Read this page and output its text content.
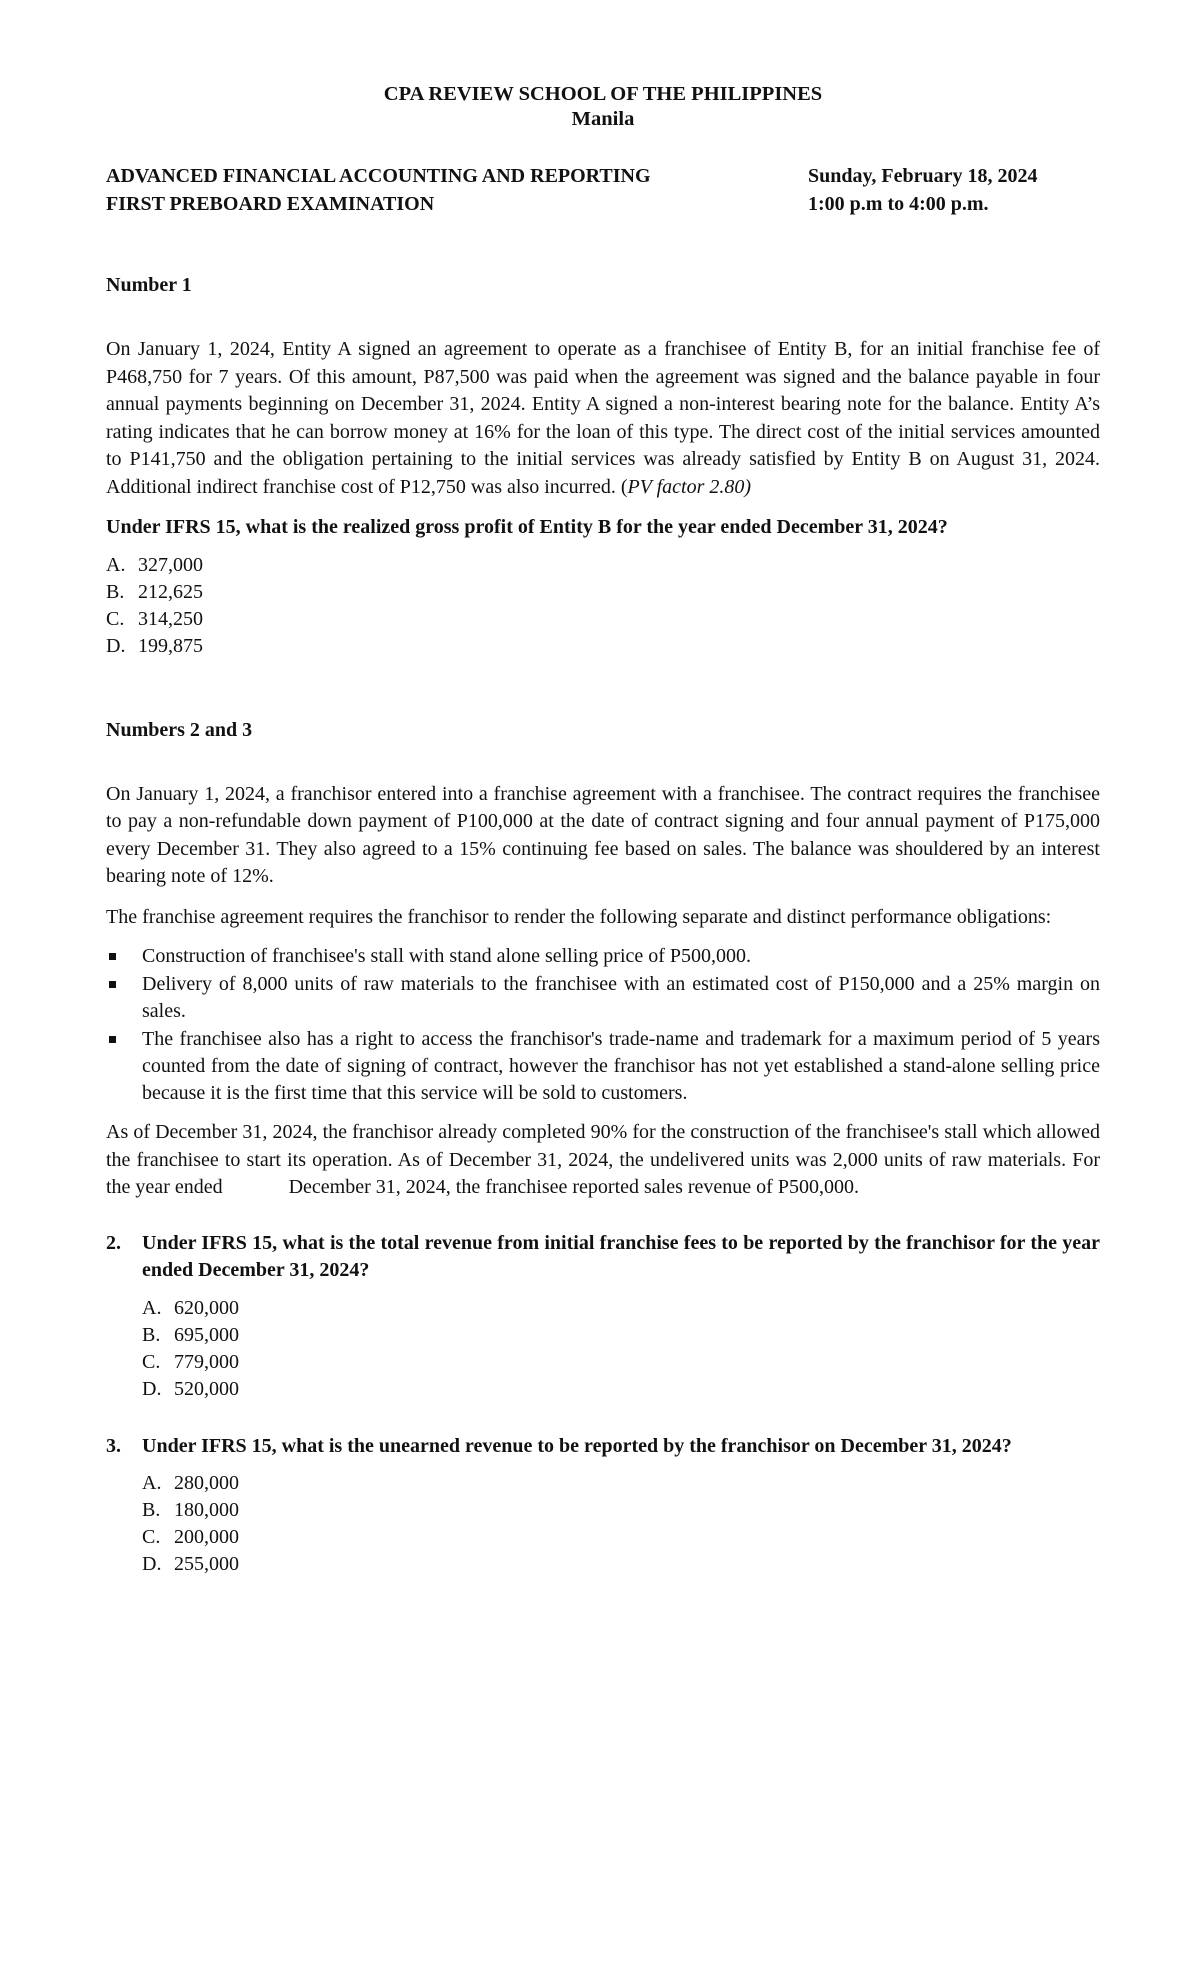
CPA REVIEW SCHOOL OF THE PHILIPPINES
Manila
ADVANCED FINANCIAL ACCOUNTING AND REPORTING
FIRST PREBOARD EXAMINATION
Sunday, February 18, 2024
1:00 p.m to 4:00 p.m.
Number 1

On January 1, 2024, Entity A signed an agreement to operate as a franchisee of Entity B, for an initial franchise fee of P468,750 for 7 years. Of this amount, P87,500 was paid when the agreement was signed and the balance payable in four annual payments beginning on December 31, 2024. Entity A signed a non-interest bearing note for the balance. Entity A’s rating indicates that he can borrow money at 16% for the loan of this type. The direct cost of the initial services amounted to P141,750 and the obligation pertaining to the initial services was already satisfied by Entity B on August 31, 2024. Additional indirect franchise cost of P12,750 was also incurred. (PV factor 2.80)

Under IFRS 15, what is the realized gross profit of Entity B for the year ended December 31, 2024?
A. 327,000
B. 212,625
C. 314,250
D. 199,875
Numbers 2 and 3

On January 1, 2024, a franchisor entered into a franchise agreement with a franchisee. The contract requires the franchisee to pay a non-refundable down payment of P100,000 at the date of contract signing and four annual payment of P175,000 every December 31. They also agreed to a 15% continuing fee based on sales. The balance was shouldered by an interest bearing note of 12%.

The franchise agreement requires the franchisor to render the following separate and distinct performance obligations:

Construction of franchisee's stall with stand alone selling price of P500,000.
Delivery of 8,000 units of raw materials to the franchisee with an estimated cost of P150,000 and a 25% margin on sales.
The franchisee also has a right to access the franchisor's trade-name and trademark for a maximum period of 5 years counted from the date of signing of contract, however the franchisor has not yet established a stand-alone selling price because it is the first time that this service will be sold to customers.

As of December 31, 2024, the franchisor already completed 90% for the construction of the franchisee's stall which allowed the franchisee to start its operation. As of December 31, 2024, the undelivered units was 2,000 units of raw materials. For the year ended	December 31, 2024, the franchisee reported sales revenue of P500,000.

2.	Under IFRS 15, what is the total revenue from initial franchise fees to be reported by the franchisor for the year ended December 31, 2024?
A. 620,000
B. 695,000
C. 779,000
D. 520,000
3.	Under IFRS 15, what is the unearned revenue to be reported by the franchisor on December 31, 2024?
A. 280,000
B. 180,000
C. 200,000
D. 255,000
